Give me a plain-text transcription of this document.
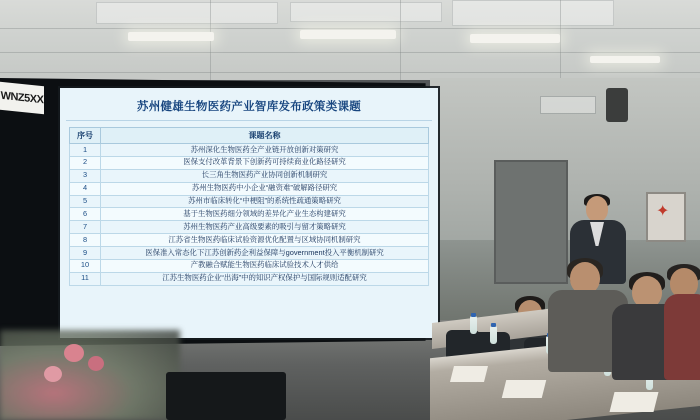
✦
苏州健雄生物医药产业智库发布政策类课题
序号	课题名称
1	苏州深化生物医药全产业链开放创新对策研究
2	医保支付改革背景下创新药可持续商业化路径研究
3	长三角生物医药产业协同创新机制研究
4	苏州生物医药中小企业“融资难”破解路径研究
5	苏州市临床转化“中梗阻”的系统性疏通策略研究
6	基于生物医药细分领域的差异化产业生态构建研究
7	苏州生物医药产业高级要素的吸引与留才策略研究
8	江苏省生物医药临床试验资源优化配置与区域协同机制研究
9	医保准入常态化下江苏创新药企利益保障与government投入平衡机制研究
10	产教融合赋能生物医药临床试验技术人才供给
11	江苏生物医药企业“出海”中的知识产权保护与国际规则适配研究
WNZ5XX
